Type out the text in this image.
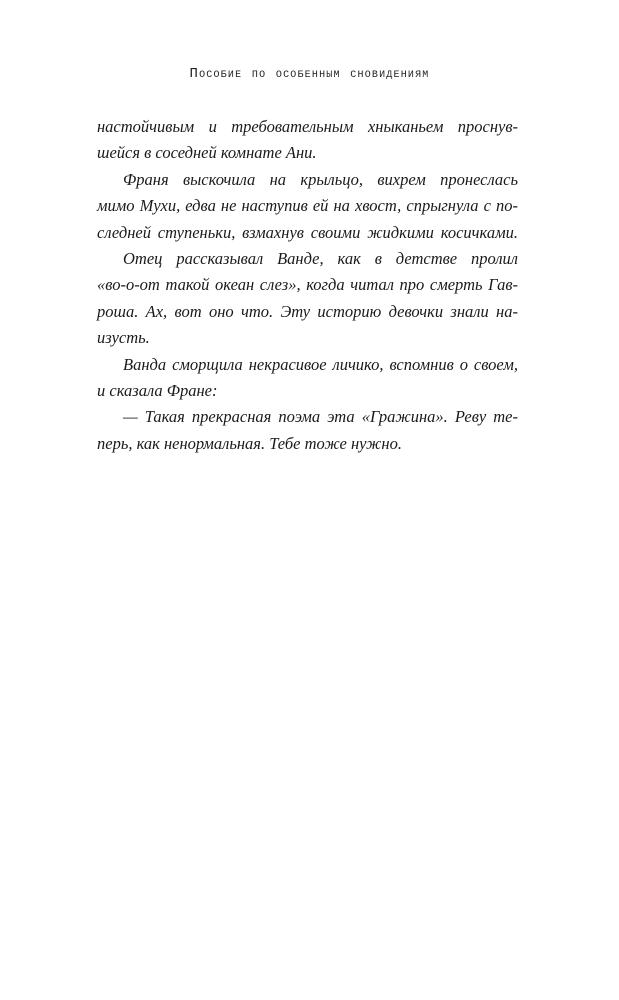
Пособие по особенным сновидениям
настойчивым и требовательным хныканьем проснув-
шейся в соседней комнате Ани.
Франя выскочила на крыльцо, вихрем пронеслась
мимо Мухи, едва не наступив ей на хвост, спрыгнула с по-
следней ступеньки, взмахнув своими жидкими косичками.
Отец рассказывал Ванде, как в детстве пролил
«во-о-от такой океан слез», когда читал про смерть Гав-
роша. Ах, вот оно что. Эту историю девочки знали на-
изусть.
Ванда сморщила некрасивое личико, вспомнив о своем,
и сказала Фране:
— Такая прекрасная поэма эта «Гражина». Реву те-
перь, как ненормальная. Тебе тоже нужно.
